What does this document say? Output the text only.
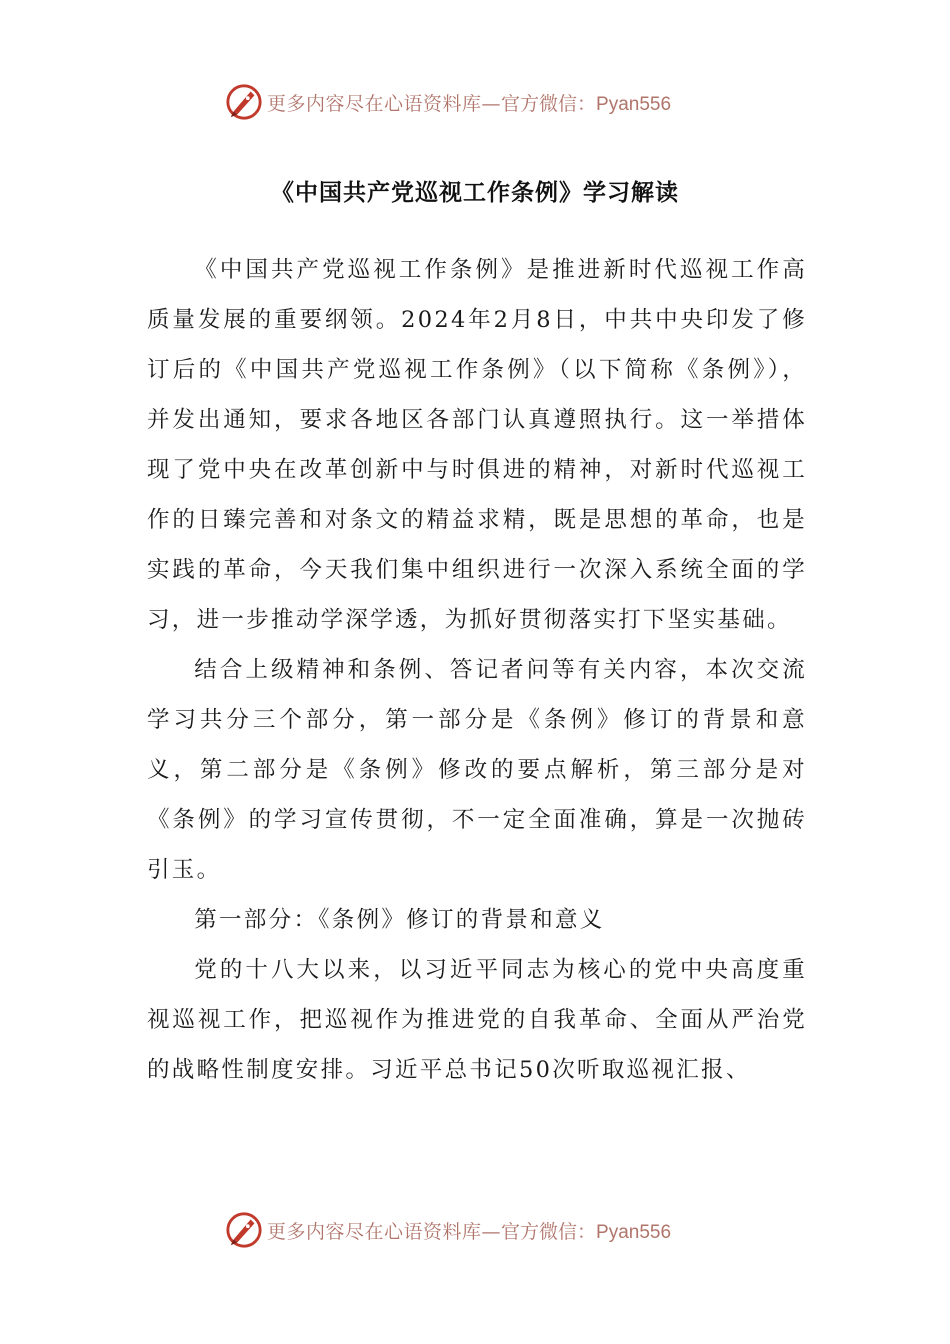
更多内容尽在心语资料库— 官方微信：Pyan556
《中国共产党巡视工作条例》学习解读

《中国共产党巡视工作条例》是推进新时代巡视工作高质量发展的重要纲领。2024年2月8日，中共中央印发了修订后的《中国共产党巡视工作条例》（以下简称《条例》），并发出通知，要求各地区各部门认真遵照执行。这一举措体现了党中央在改革创新中与时俱进的精神，对新时代巡视工作的日臻完善和对条文的精益求精，既是思想的革命，也是实践的革命，今天我们集中组织进行一次深入系统全面的学习，进一步推动学深学透，为抓好贯彻落实打下坚实基础。

结合上级精神和条例、答记者问等有关内容，本次交流学习共分三个部分，第一部分是《条例》修订的背景和意义，第二部分是《条例》修改的要点解析，第三部分是对《条例》的学习宣传贯彻，不一定全面准确，算是一次抛砖引玉。

第一部分：《条例》修订的背景和意义

党的十八大以来，以习近平同志为核心的党中央高度重视巡视工作，把巡视作为推进党的自我革命、全面从严治党的战略性制度安排。习近平总书记50次听取巡视汇报、

更多内容尽在心语资料库— 官方微信：Pyan556
